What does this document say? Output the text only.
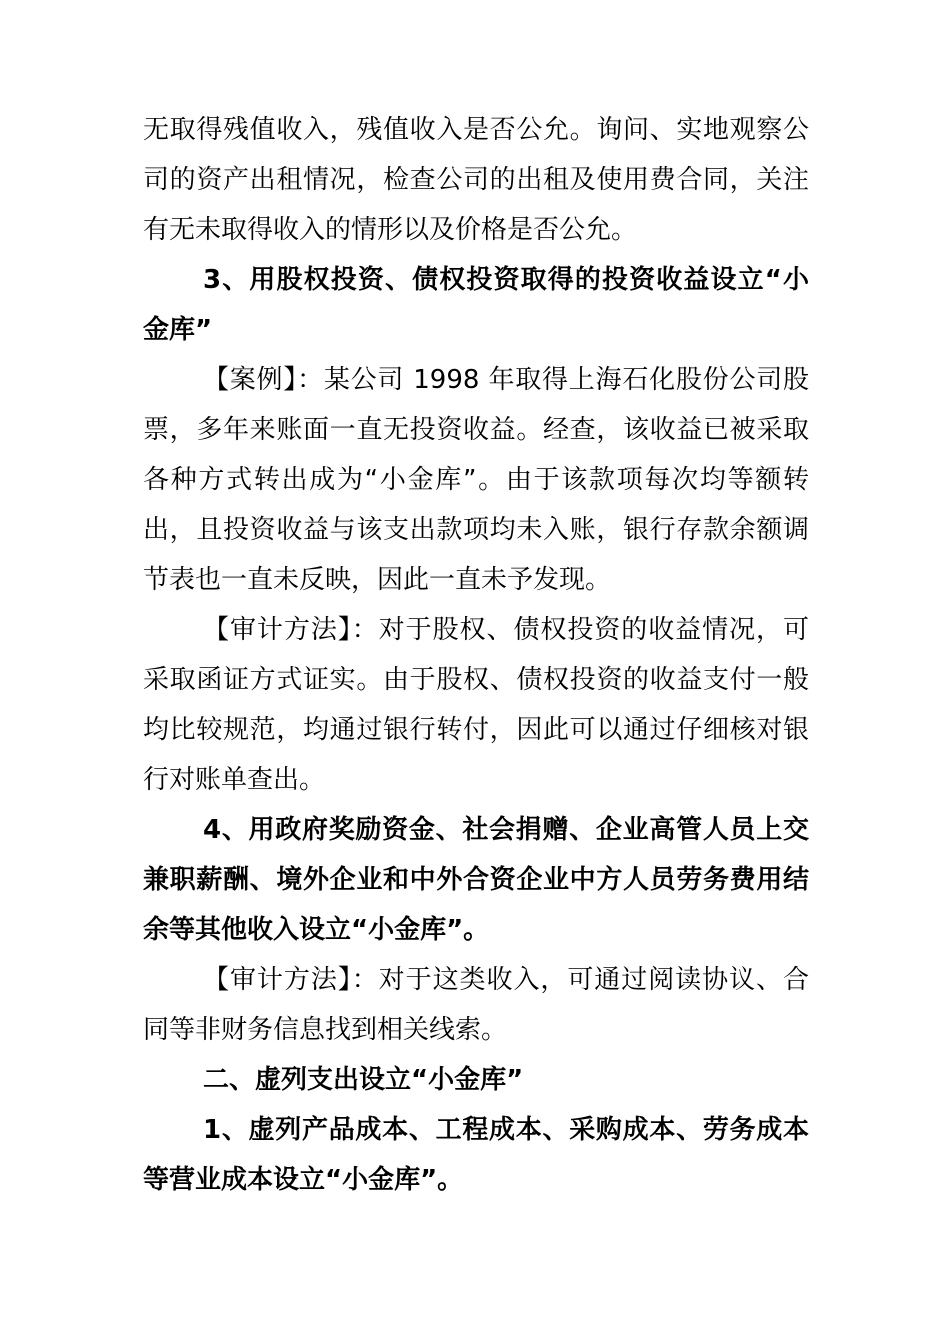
无取得残值收入，残值收入是否公允。询问、实地观察公司的资产出租情况，检查公司的出租及使用费合同，关注有无未取得收入的情形以及价格是否公允。

3、用股权投资、债权投资取得的投资收益设立“小金库”

【案例】：某公司 1998 年取得上海石化股份公司股票，多年来账面一直无投资收益。经查，该收益已被采取各种方式转出成为“小金库”。由于该款项每次均等额转出，且投资收益与该支出款项均未入账，银行存款余额调节表也一直未反映，因此一直未予发现。

【审计方法】：对于股权、债权投资的收益情况，可采取函证方式证实。由于股权、债权投资的收益支付一般均比较规范，均通过银行转付，因此可以通过仔细核对银行对账单查出。

4、用政府奖励资金、社会捐赠、企业高管人员上交兼职薪酬、境外企业和中外合资企业中方人员劳务费用结余等其他收入设立“小金库”。

【审计方法】：对于这类收入，可通过阅读协议、合同等非财务信息找到相关线索。

二、虚列支出设立“小金库”

1、虚列产品成本、工程成本、采购成本、劳务成本等营业成本设立“小金库”。
